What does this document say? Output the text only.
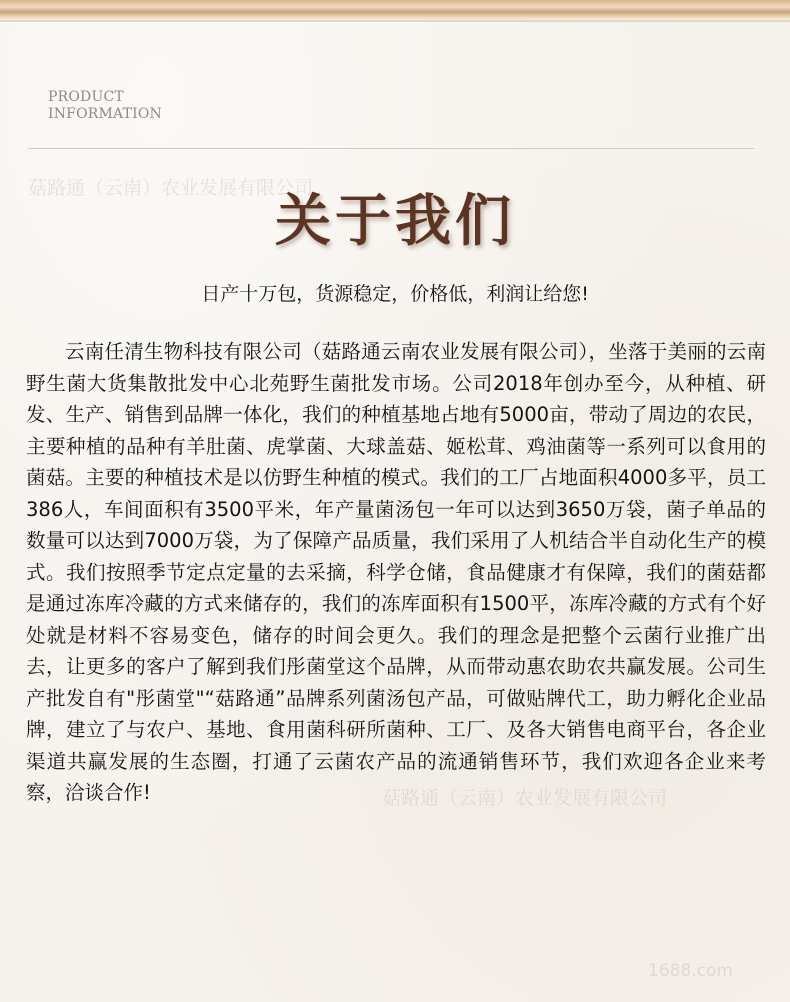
PRODUCT
INFORMATION
菇路通（云南）农业发展有限公司
关于我们
日产十万包，货源稳定，价格低，利润让给您!

云南任清生物科技有限公司（菇路通云南农业发展有限公司），坐落于美丽的云南野生菌大货集散批发中心北苑野生菌批发市场。公司2018年创办至今，从种植、研发、生产、销售到品牌一体化，我们的种植基地占地有5000亩，带动了周边的农民，主要种植的品种有羊肚菌、虎掌菌、大球盖菇、姬松茸、鸡油菌等一系列可以食用的菌菇。主要的种植技术是以仿野生种植的模式。我们的工厂占地面积4000多平，员工386人，车间面积有3500平米，年产量菌汤包一年可以达到3650万袋，菌子单品的数量可以达到7000万袋，为了保障产品质量，我们采用了人机结合半自动化生产的模式。我们按照季节定点定量的去采摘，科学仓储，食品健康才有保障，我们的菌菇都是通过冻库冷藏的方式来储存的，我们的冻库面积有1500平，冻库冷藏的方式有个好处就是材料不容易变色，储存的时间会更久。我们的理念是把整个云菌行业推广出去，让更多的客户了解到我们彤菌堂这个品牌，从而带动惠农助农共赢发展。公司生产批发自有"彤菌堂"“菇路通”品牌系列菌汤包产品，可做贴牌代工，助力孵化企业品牌，建立了与农户、基地、食用菌科研所菌种、工厂、及各大销售电商平台，各企业渠道共赢发展的生态圈，打通了云菌农产品的流通销售环节，我们欢迎各企业来考察，洽谈合作!	菇路通（云南）农业发展有限公司
1688.com
